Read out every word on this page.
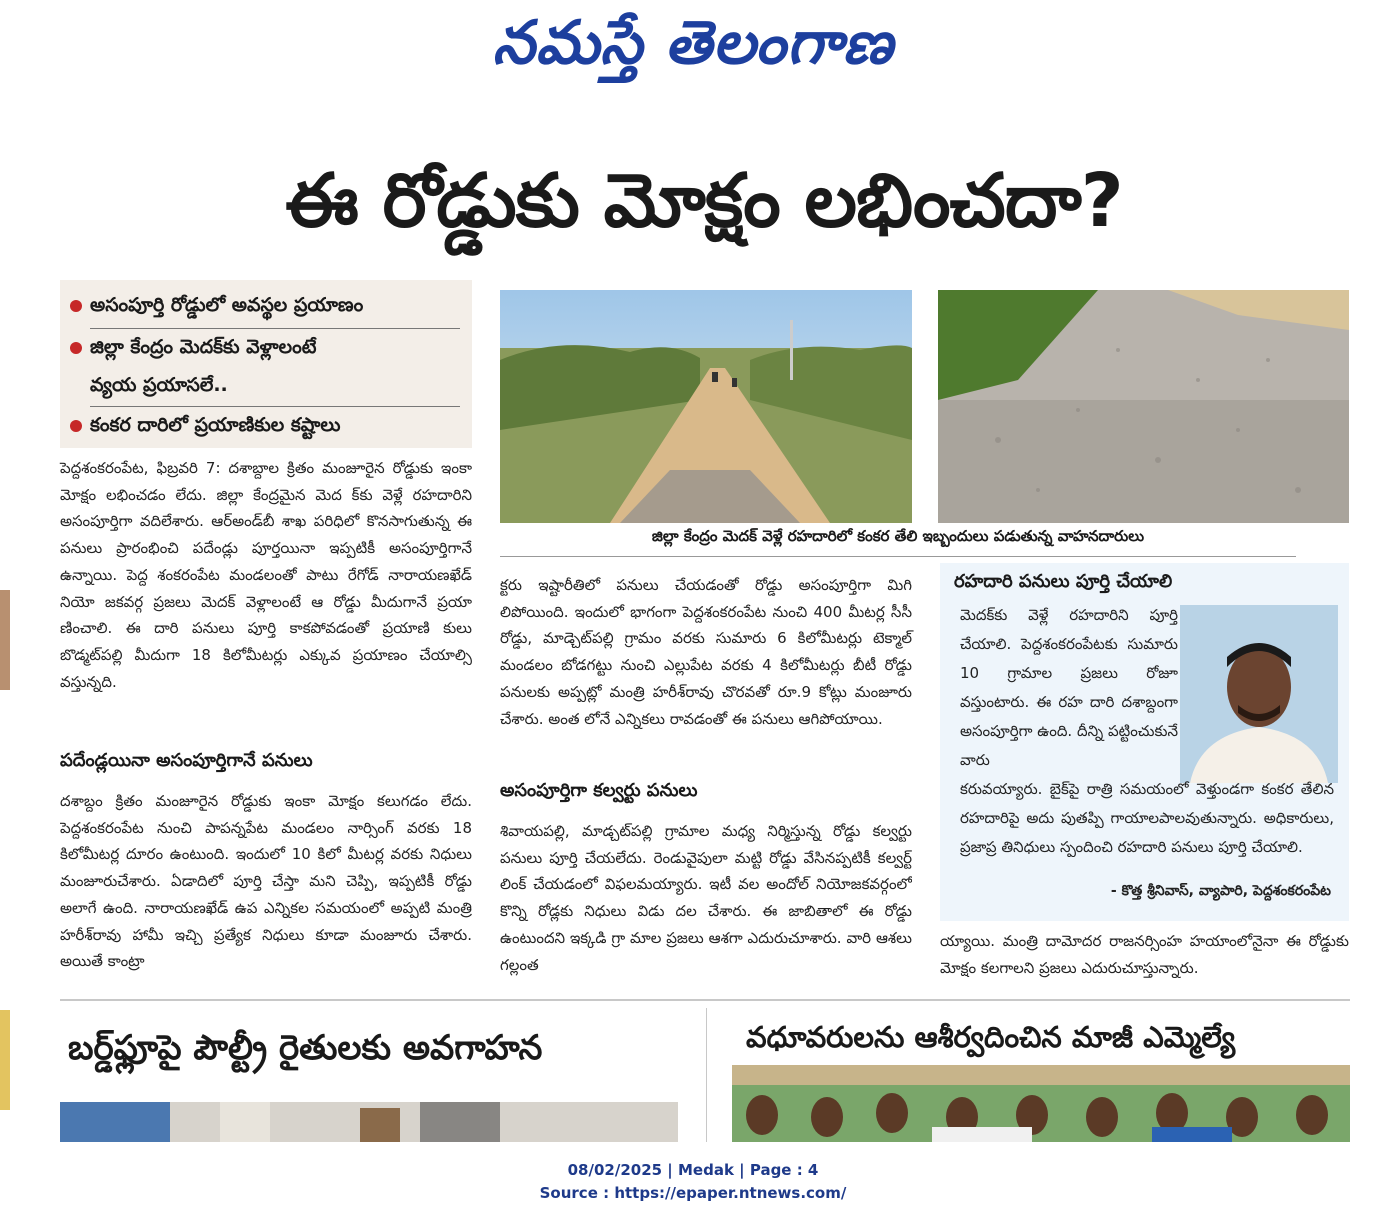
నమస్తే తెలంగాణ
ఈ రోడ్డుకు మోక్షం లభించదా?
అసంపూర్తి రోడ్డులో అవస్థల ప్రయాణం
జిల్లా కేంద్రం మెదక్‌కు వెళ్లాలంటే
వ్యయ ప్రయాసలే..
కంకర దారిలో ప్రయాణికుల కష్టాలు

పెద్దశంకరంపేట, ఫిబ్రవరి 7: దశాబ్దాల క్రితం మంజూరైన రోడ్డుకు ఇంకా మోక్షం లభించడం లేదు. జిల్లా కేంద్రమైన మెద క్‌కు వెళ్లే రహదారిని అసంపూర్తిగా వదిలేశారు. ఆర్‌అండ్‌బీ శాఖ పరిధిలో కొనసాగుతున్న ఈ పనులు ప్రారంభించి పదేండ్లు పూర్తయినా ఇప్పటికీ అసంపూర్తిగానే ఉన్నాయి. పెద్ద శంకరంపేట మండలంతో పాటు రేగోడ్ నారాయణఖేడ్ నియో జకవర్గ ప్రజలు మెదక్ వెళ్లాలంటే ఆ రోడ్డు మీదుగానే ప్రయా ణించాలి. ఈ దారి పనులు పూర్తి కాకపోవడంతో ప్రయాణి కులు బొడ్మట్‌పల్లి మీదుగా 18 కిలోమీటర్లు ఎక్కువ ప్రయాణం చేయాల్సి వస్తున్నది.

పదేండ్లయినా అసంపూర్తిగానే పనులు

దశాబ్దం క్రితం మంజూరైన రోడ్డుకు ఇంకా మోక్షం కలుగడం లేదు. పెద్దశంకరంపేట నుంచి పాపన్నపేట మండలం నార్సింగ్ వరకు 18 కిలోమీటర్ల దూరం ఉంటుంది. ఇందులో 10 కిలో మీటర్ల వరకు నిధులు మంజూరుచేశారు. ఏడాదిలో పూర్తి చేస్తా మని చెప్పి, ఇప్పటికీ రోడ్డు అలాగే ఉంది. నారాయణఖేడ్ ఉప ఎన్నికల సమయంలో అప్పటి మంత్రి హరీశ్‌రావు హామీ ఇచ్చి ప్రత్యేక నిధులు కూడా మంజూరు చేశారు. అయితే కాంట్రా

జిల్లా కేంద్రం మెదక్ వెళ్లే రహదారిలో కంకర తేలి ఇబ్బందులు పడుతున్న వాహనదారులు

క్టరు ఇష్టారీతిలో పనులు చేయడంతో రోడ్డు అసంపూర్తిగా మిగి లిపోయింది. ఇందులో భాగంగా పెద్దశంకరంపేట నుంచి 400 మీటర్ల సీసీ రోడ్డు, మాడ్చెట్‌పల్లి గ్రామం వరకు సుమారు 6 కిలోమీటర్లు టెక్మాల్ మండలం బోడగట్టు నుంచి ఎల్లుపేట వరకు 4 కిలోమీటర్లు బీటీ రోడ్డు పనులకు అప్పట్లో మంత్రి హరీశ్‌రావు చొరవతో రూ.9 కోట్లు మంజూరు చేశారు. అంత లోనే ఎన్నికలు రావడంతో ఈ పనులు ఆగిపోయాయి.

అసంపూర్తిగా కల్వర్టు పనులు

శివాయపల్లి, మాడ్చట్‌పల్లి గ్రామాల మధ్య నిర్మిస్తున్న రోడ్డు కల్వర్టు పనులు పూర్తి చేయలేదు. రెండువైపులా మట్టి రోడ్డు వేసినప్పటికీ కల్వర్ట్ లింక్ చేయడంలో విఫలమయ్యారు. ఇటీ వల అందోల్ నియోజకవర్గంలో కొన్ని రోడ్లకు నిధులు విడు దల చేశారు. ఈ జాబితాలో ఈ రోడ్డు ఉంటుందని ఇక్కడి గ్రా మాల ప్రజలు ఆశగా ఎదురుచూశారు. వారి ఆశలు గల్లంత

రహదారి పనులు పూర్తి చేయాలి
మెదక్‌కు వెళ్లే రహదారిని పూర్తి చేయాలి. పెద్దశంకరంపేటకు సుమారు 10 గ్రామాల ప్రజలు రోజూ వస్తుంటారు. ఈ రహ దారి దశాబ్దంగా అసంపూర్తిగా ఉంది. దీన్ని పట్టించుకునే వారు
కరువయ్యారు. బైక్‌పై రాత్రి సమయంలో వెళ్తుండగా కంకర తేలిన రహదారిపై అదు పుతప్పి గాయాలపాలవుతున్నారు. అధికారులు, ప్రజాప్ర తినిధులు స్పందించి రహదారి పనులు పూర్తి చేయాలి.
- కొత్త శ్రీనివాస్, వ్యాపారి, పెద్దశంకరంపేట

య్యాయి. మంత్రి దామోదర రాజనర్సింహ హయాంలోనైనా ఈ రోడ్డుకు మోక్షం కలగాలని ప్రజలు ఎదురుచూస్తున్నారు.

బర్డ్‌ఫ్లూపై పౌల్ట్రీ రైతులకు అవగాహన	వధూవరులను ఆశీర్వదించిన మాజీ ఎమ్మెల్యే
08/02/2025 | Medak | Page : 4
Source : https://epaper.ntnews.com/
